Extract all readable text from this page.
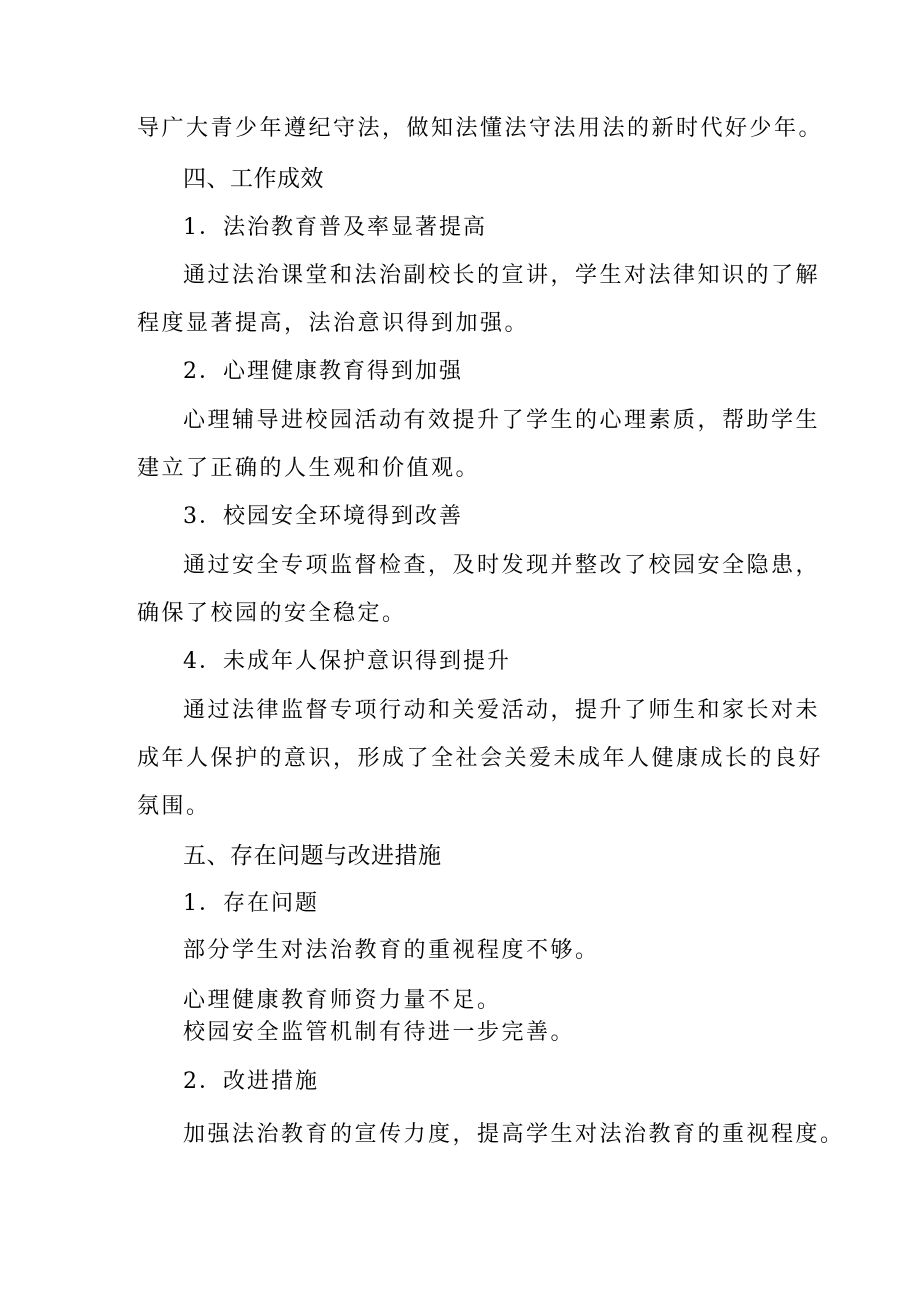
导广大青少年遵纪守法，做知法懂法守法用法的新时代好少年。
四、工作成效
1．法治教育普及率显著提高
通过法治课堂和法治副校长的宣讲，学生对法律知识的了解
程度显著提高，法治意识得到加强。
2．心理健康教育得到加强
心理辅导进校园活动有效提升了学生的心理素质，帮助学生
建立了正确的人生观和价值观。
3．校园安全环境得到改善
通过安全专项监督检查，及时发现并整改了校园安全隐患，
确保了校园的安全稳定。
4．未成年人保护意识得到提升
通过法律监督专项行动和关爱活动，提升了师生和家长对未
成年人保护的意识，形成了全社会关爱未成年人健康成长的良好
氛围。
五、存在问题与改进措施
1．存在问题
部分学生对法治教育的重视程度不够。
心理健康教育师资力量不足。
校园安全监管机制有待进一步完善。
2．改进措施
加强法治教育的宣传力度，提高学生对法治教育的重视程度。
